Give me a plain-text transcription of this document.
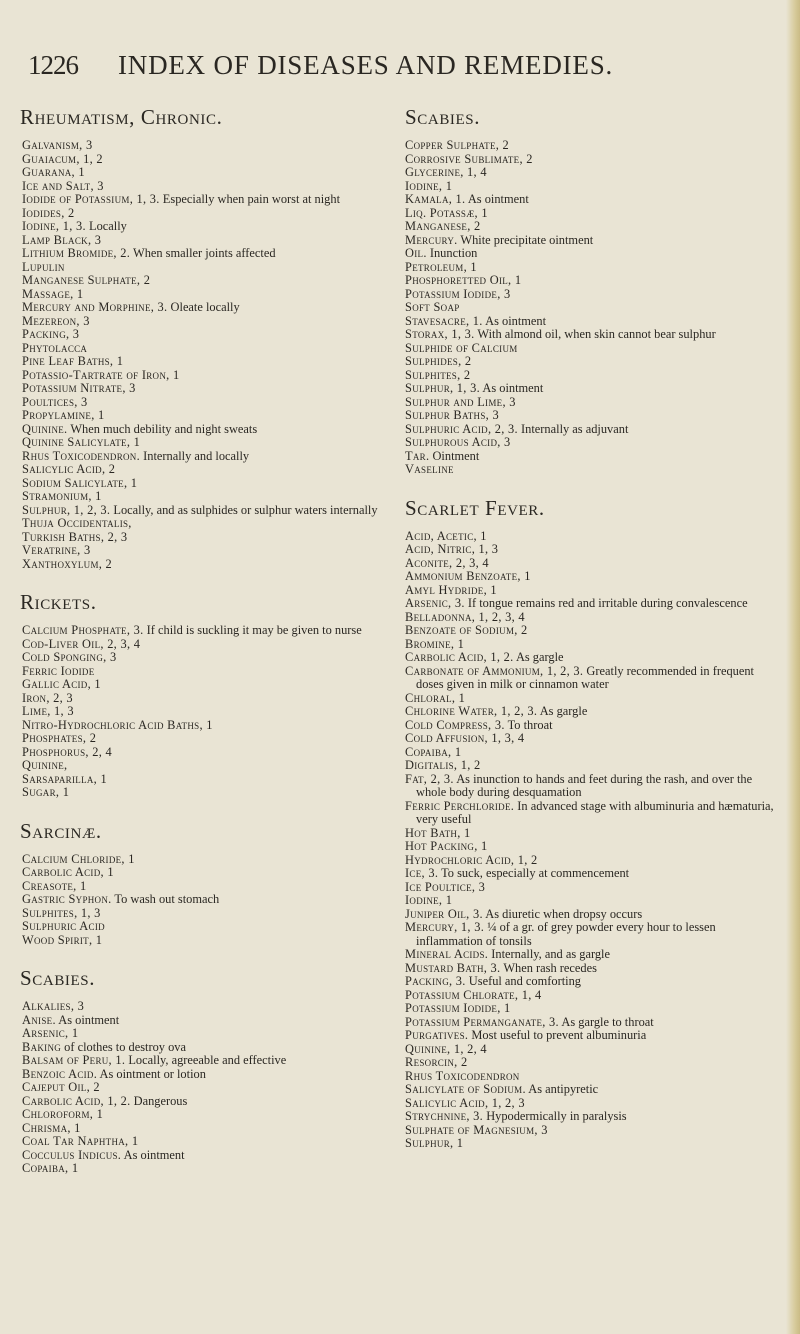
1226 INDEX OF DISEASES AND REMEDIES.
Rheumatism, Chronic.
Galvanism, 3
Guaiacum, 1, 2
Guarana, 1
Ice and Salt, 3
Iodide of Potassium, 1, 3. Especially when pain worst at night
Iodides, 2
Iodine, 1, 3. Locally
Lamp Black, 3
Lithium Bromide, 2. When smaller joints affected
Lupulin
Manganese Sulphate, 2
Massage, 1
Mercury and Morphine, 3. Oleate locally
Mezereon, 3
Packing, 3
Phytolacca
Pine Leaf Baths, 1
Potassio-Tartrate of Iron, 1
Potassium Nitrate, 3
Poultices, 3
Propylamine, 1
Quinine. When much debility and night sweats
Quinine Salicylate, 1
Rhus Toxicodendron. Internally and locally
Salicylic Acid, 2
Sodium Salicylate, 1
Stramonium, 1
Sulphur, 1, 2, 3. Locally, and as sulphides or sulphur waters internally
Thuja Occidentalis,
Turkish Baths, 2, 3
Veratrine, 3
Xanthoxylum, 2
Rickets.
Calcium Phosphate, 3. If child is suckling it may be given to nurse
Cod-Liver Oil, 2, 3, 4
Cold Sponging, 3
Ferric Iodide
Gallic Acid, 1
Iron, 2, 3
Lime, 1, 3
Nitro-Hydrochloric Acid Baths, 1
Phosphates, 2
Phosphorus, 2, 4
Quinine,
Sarsaparilla, 1
Sugar, 1
Sarcinæ.
Calcium Chloride, 1
Carbolic Acid, 1
Creasote, 1
Gastric Syphon. To wash out stomach
Sulphites, 1, 3
Sulphuric Acid
Wood Spirit, 1
Scabies.
Alkalies, 3
Anise. As ointment
Arsenic, 1
Baking of clothes to destroy ova
Balsam of Peru, 1. Locally, agreeable and effective
Benzoic Acid. As ointment or lotion
Cajeput Oil, 2
Carbolic Acid, 1, 2. Dangerous
Chloroform, 1
Chrisma, 1
Coal Tar Naphtha, 1
Cocculus Indicus. As ointment
Copaiba, 1
Scabies.
Copper Sulphate, 2
Corrosive Sublimate, 2
Glycerine, 1, 4
Iodine, 1
Kamala, 1. As ointment
Liq. Potassæ, 1
Manganese, 2
Mercury. White precipitate ointment
Oil. Inunction
Petroleum, 1
Phosphoretted Oil, 1
Potassium Iodide, 3
Soft Soap
Stavesacre, 1. As ointment
Storax, 1, 3. With almond oil, when skin cannot bear sulphur
Sulphide of Calcium
Sulphides, 2
Sulphites, 2
Sulphur, 1, 3. As ointment
Sulphur and Lime, 3
Sulphur Baths, 3
Sulphuric Acid, 2, 3. Internally as adjuvant
Sulphurous Acid, 3
Tar. Ointment
Vaseline
Scarlet Fever.
Acid, Acetic, 1
Acid, Nitric, 1, 3
Aconite, 2, 3, 4
Ammonium Benzoate, 1
Amyl Hydride, 1
Arsenic, 3. If tongue remains red and irritable during convalescence
Belladonna, 1, 2, 3, 4
Benzoate of Sodium, 2
Bromine, 1
Carbolic Acid, 1, 2. As gargle
Carbonate of Ammonium, 1, 2, 3. Greatly recommended in frequent doses given in milk or cinnamon water
Chloral, 1
Chlorine Water, 1, 2, 3. As gargle
Cold Compress, 3. To throat
Cold Affusion, 1, 3, 4
Copaiba, 1
Digitalis, 1, 2
Fat, 2, 3. As inunction to hands and feet during the rash, and over the whole body during desquamation
Ferric Perchloride. In advanced stage with albuminuria and hæmaturia, very useful
Hot Bath, 1
Hot Packing, 1
Hydrochloric Acid, 1, 2
Ice, 3. To suck, especially at commencement
Ice Poultice, 3
Iodine, 1
Juniper Oil, 3. As diuretic when dropsy occurs
Mercury, 1, 3. ¼ of a gr. of grey powder every hour to lessen inflammation of tonsils
Mineral Acids. Internally, and as gargle
Mustard Bath, 3. When rash recedes
Packing, 3. Useful and comforting
Potassium Chlorate, 1, 4
Potassium Iodide, 1
Potassium Permanganate, 3. As gargle to throat
Purgatives. Most useful to prevent albuminuria
Quinine, 1, 2, 4
Resorcin, 2
Rhus Toxicodendron
Salicylate of Sodium. As antipyretic
Salicylic Acid, 1, 2, 3
Strychnine, 3. Hypodermically in paralysis
Sulphate of Magnesium, 3
Sulphur, 1
